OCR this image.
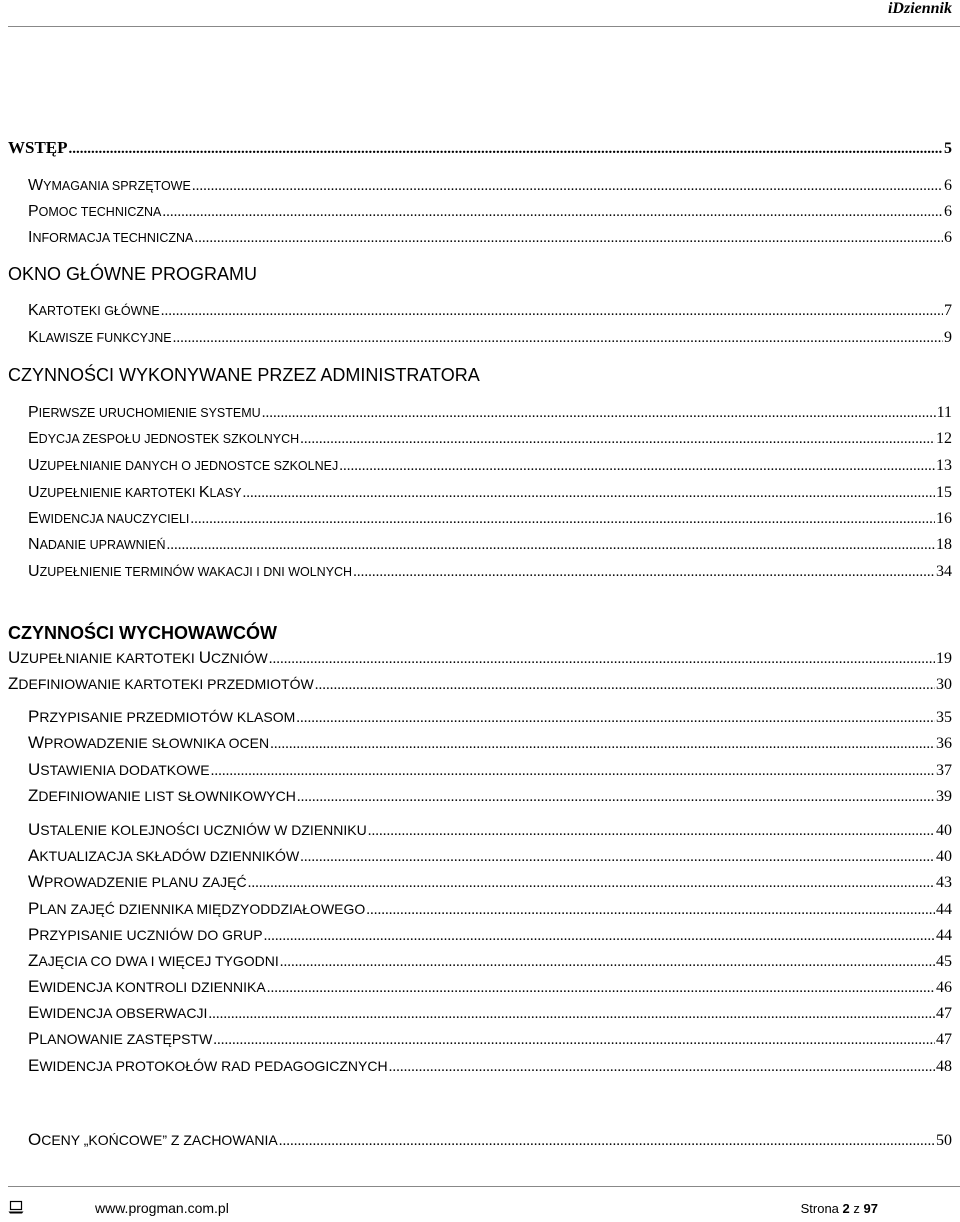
iDziennik
WSTĘP .....	5
WYMAGANIA SPRZĘTOWE .....	6
POMOC TECHNICZNA .....	6
INFORMACJA TECHNICZNA .....	6
OKNO GŁÓWNE PROGRAMU
KARTOTEKI GŁÓWNE .....	7
KLAWISZE FUNKCYJNE .....	9
CZYNNOŚCI WYKONYWANE PRZEZ ADMINISTRATORA
PIERWSZE URUCHOMIENIE SYSTEMU .....	11
EDYCJA ZESPOŁU JEDNOSTEK SZKOLNYCH .....	12
UZUPEŁNIANIE DANYCH O JEDNOSTCE SZKOLNEJ .....	13
UZUPEŁNIENIE KARTOTEKI KLASY .....	15
EWIDENCJA NAUCZYCIELI .....	16
NADANIE UPRAWNIEŃ .....	18
UZUPEŁNIENIE TERMINÓW WAKACJI I DNI WOLNYCH .....	34
CZYNNOŚCI WYCHOWAWCÓW
UZUPEŁNIANIE KARTOTEKI UCZNIÓW .....	19
ZDEFINIOWANIE KARTOTEKI PRZEDMIOTÓW .....	30
PRZYPISANIE PRZEDMIOTÓW KLASOM .....	35
WPROWADZENIE SŁOWNIKA OCEN .....	36
USTAWIENIA DODATKOWE .....	37
ZDEFINIOWANIE LIST SŁOWNIKOWYCH .....	39
USTALENIE KOLEJNOŚCI UCZNIÓW W DZIENNIKU .....	40
AKTUALIZACJA SKŁADÓW DZIENNIKÓW .....	40
WPROWADZENIE PLANU ZAJĘĆ .....	43
PLAN ZAJĘĆ DZIENNIKA MIĘDZYODDZIAŁOWEGO .....	44
PRZYPISANIE UCZNIÓW DO GRUP .....	44
ZAJĘCIA CO DWA I WIĘCEJ TYGODNI .....	45
EWIDENCJA KONTROLI DZIENNIKA .....	46
EWIDENCJA OBSERWACJI .....	47
PLANOWANIE ZASTĘPSTW .....	47
EWIDENCJA PROTOKOŁÓW RAD PEDAGOGICZNYCH .....	48
OCENY „KOŃCOWE” Z ZACHOWANIA .....	50
www.progman.com.pl	Strona 2 z 97
